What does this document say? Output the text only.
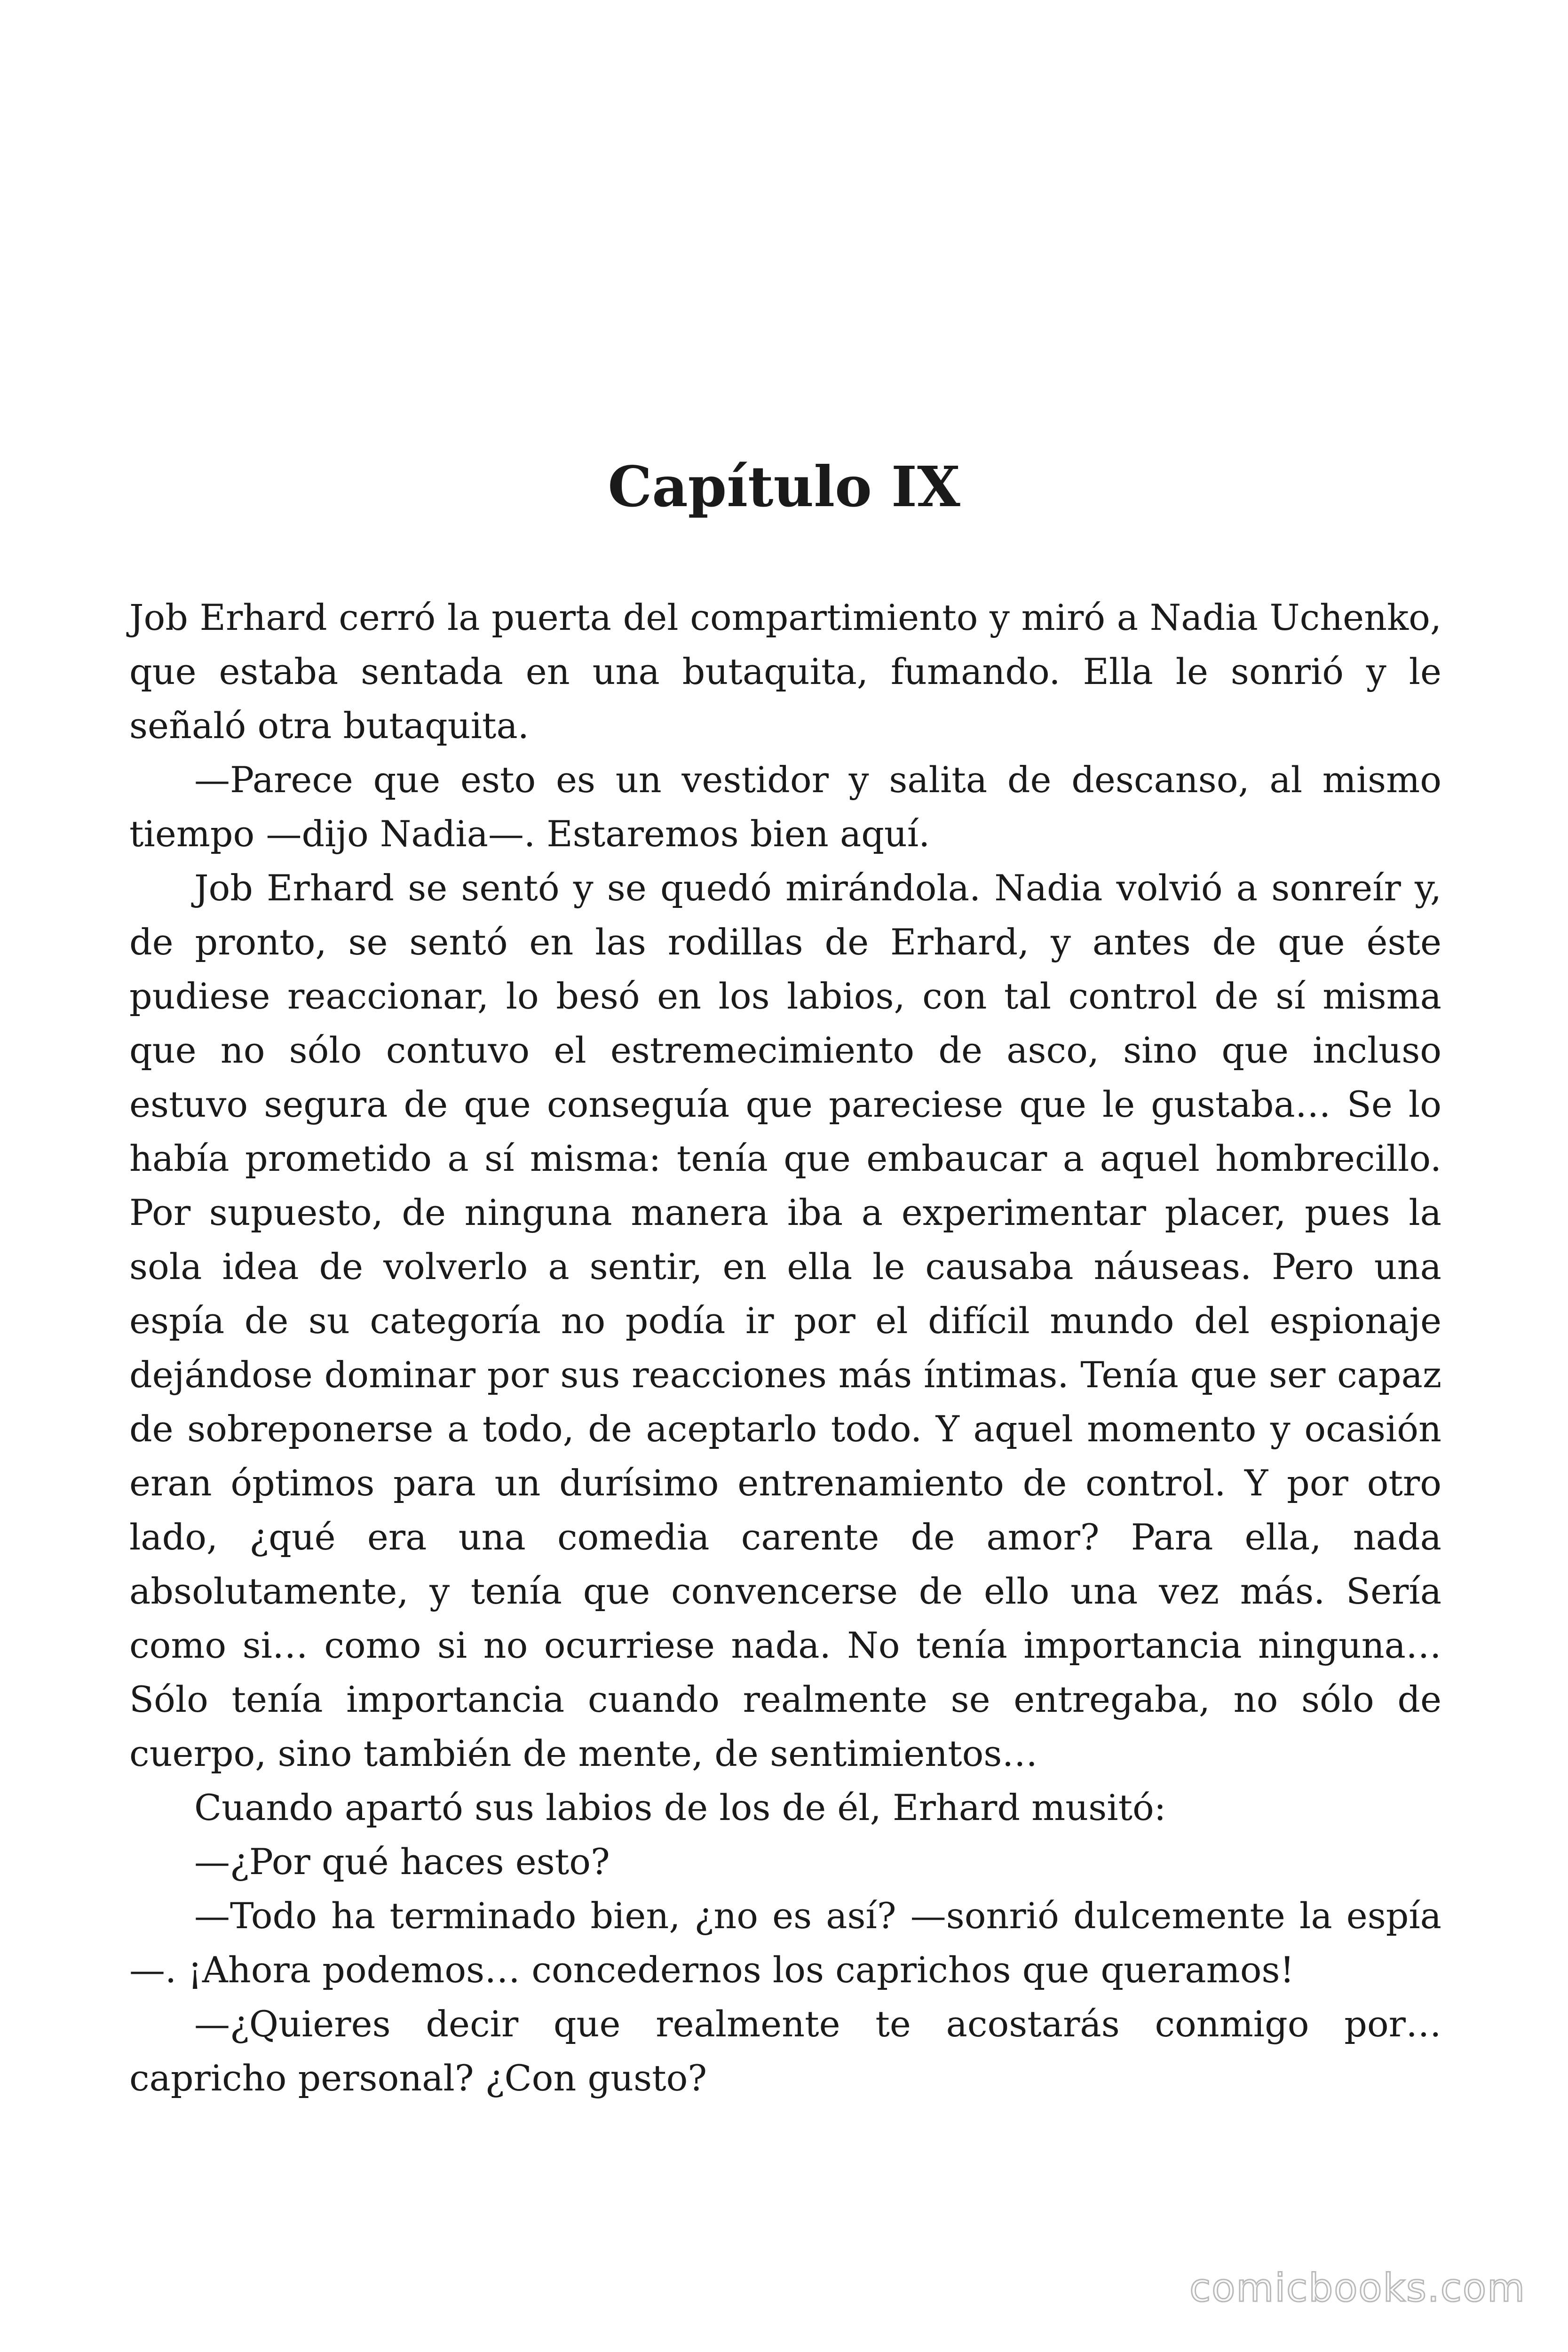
Capítulo IX

Job Erhard cerró la puerta del compartimiento y miró a Nadia Uchenko, que estaba sentada en una butaquita, fumando. Ella le sonrió y le señaló otra butaquita.

—Parece que esto es un vestidor y salita de descanso, al mismo tiempo —dijo Nadia—. Estaremos bien aquí.

Job Erhard se sentó y se quedó mirándola. Nadia volvió a sonreír y, de pronto, se sentó en las rodillas de Erhard, y antes de que éste pudiese reaccionar, lo besó en los labios, con tal control de sí misma que no sólo contuvo el estremecimiento de asco, sino que incluso estuvo segura de que conseguía que pareciese que le gustaba… Se lo había prometido a sí misma: tenía que embaucar a aquel hombrecillo. Por supuesto, de ninguna manera iba a experimentar placer, pues la sola idea de volverlo a sentir, en ella le causaba náuseas. Pero una espía de su categoría no podía ir por el difícil mundo del espionaje dejándose dominar por sus reacciones más íntimas. Tenía que ser capaz de sobreponerse a todo, de aceptarlo todo. Y aquel momento y ocasión eran óptimos para un durísimo entrenamiento de control. Y por otro lado, ¿qué era una comedia carente de amor? Para ella, nada absolutamente, y tenía que convencerse de ello una vez más. Sería como si… como si no ocurriese nada. No tenía importancia ninguna… Sólo tenía importancia cuando realmente se entregaba, no sólo de cuerpo, sino también de mente, de sentimientos…

Cuando apartó sus labios de los de él, Erhard musitó:

—¿Por qué haces esto?

—Todo ha terminado bien, ¿no es así? —sonrió dulcemente la espía—. ¡Ahora podemos… concedernos los caprichos que queramos!

—¿Quieres decir que realmente te acostarás conmigo por… capricho personal? ¿Con gusto?

comicbooks.com
